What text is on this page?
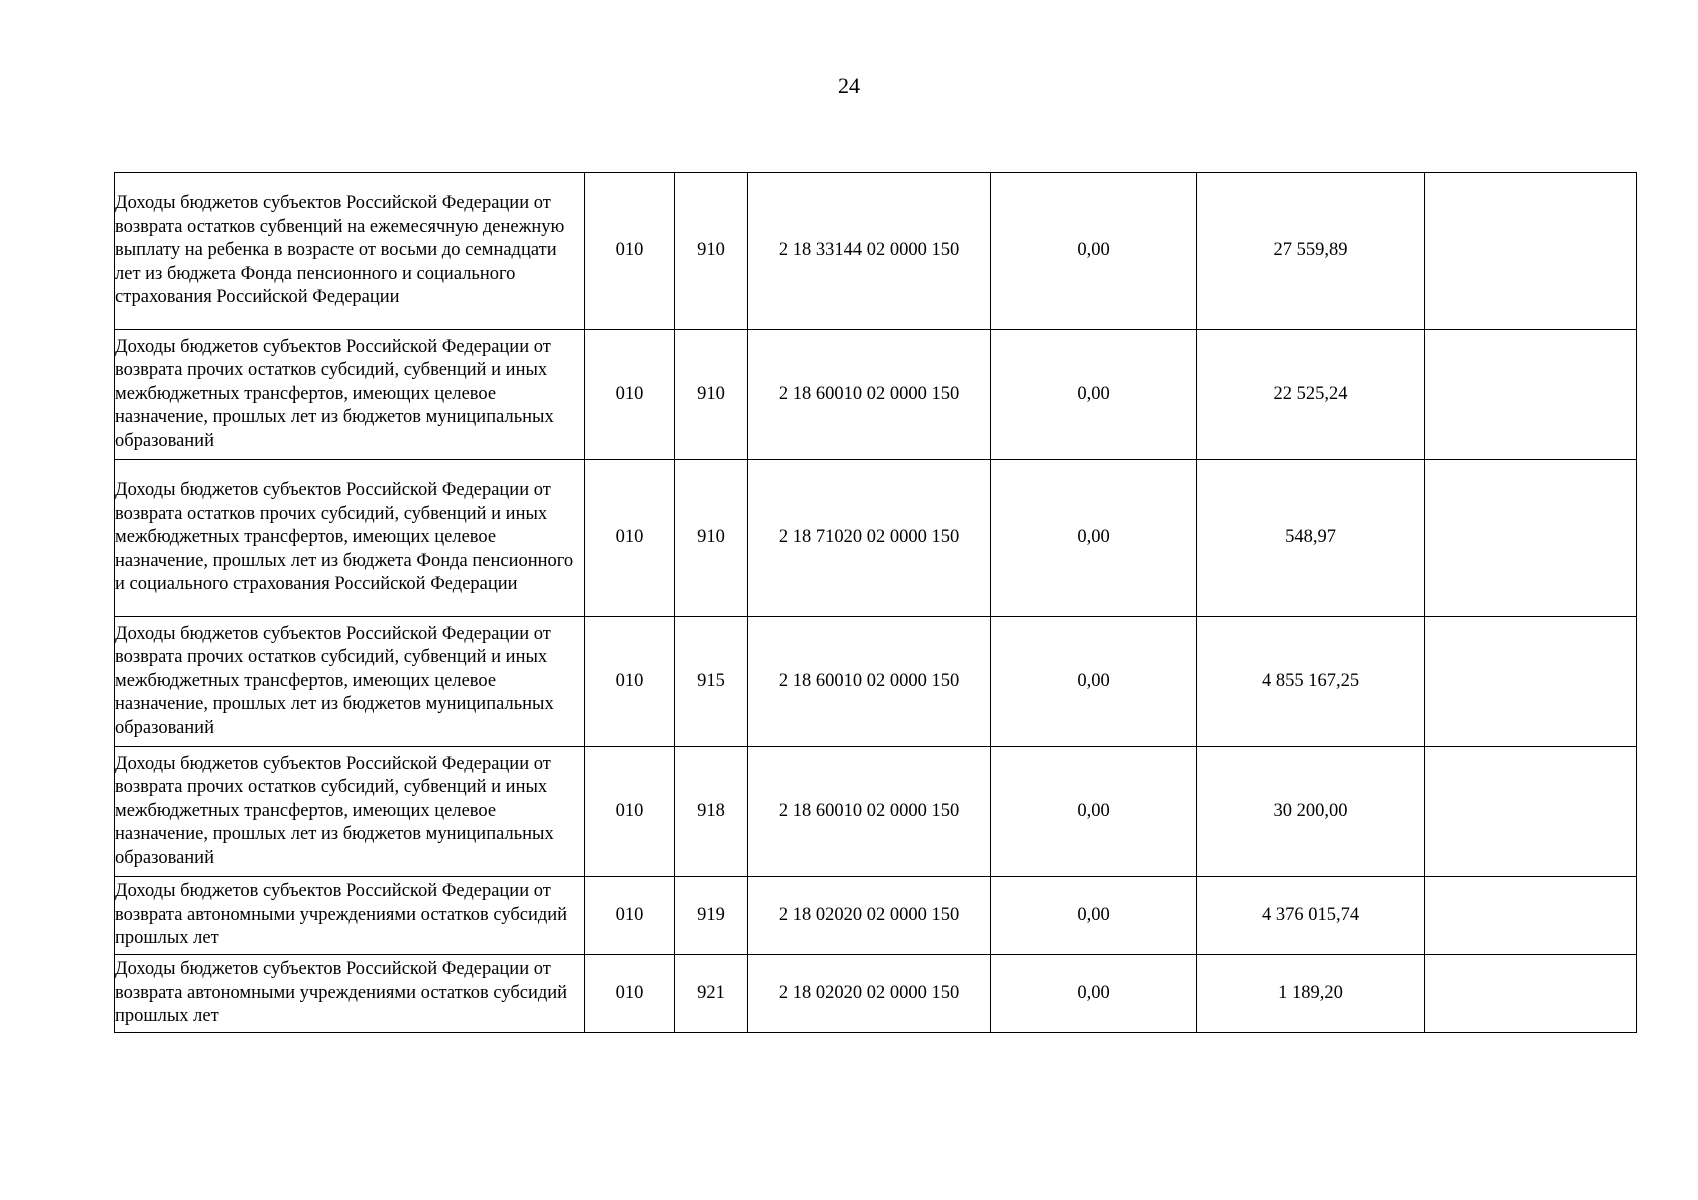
24
Доходы бюджетов субъектов Российской Федерации от возврата остатков субвенций на ежемесячную денежную выплату на ребенка в возрасте от восьми до семнадцати лет из бюджета Фонда пенсионного и социального страхования Российской Федерации	010	910	2 18 33144 02 0000 150	0,00	27 559,89	

Доходы бюджетов субъектов Российской Федерации от возврата прочих остатков субсидий, субвенций и иных межбюджетных трансфертов, имеющих целевое назначение, прошлых лет из бюджетов муниципальных образований	010	910	2 18 60010 02 0000 150	0,00	22 525,24	

Доходы бюджетов субъектов Российской Федерации от возврата остатков прочих субсидий, субвенций и иных межбюджетных трансфертов, имеющих целевое назначение, прошлых лет из бюджета Фонда пенсионного и социального страхования Российской Федерации	010	910	2 18 71020 02 0000 150	0,00	548,97	

Доходы бюджетов субъектов Российской Федерации от возврата прочих остатков субсидий, субвенций и иных межбюджетных трансфертов, имеющих целевое назначение, прошлых лет из бюджетов муниципальных образований	010	915	2 18 60010 02 0000 150	0,00	4 855 167,25	

Доходы бюджетов субъектов Российской Федерации от возврата прочих остатков субсидий, субвенций и иных межбюджетных трансфертов, имеющих целевое назначение, прошлых лет из бюджетов муниципальных образований	010	918	2 18 60010 02 0000 150	0,00	30 200,00	

Доходы бюджетов субъектов Российской Федерации от возврата автономными учреждениями остатков субсидий прошлых лет	010	919	2 18 02020 02 0000 150	0,00	4 376 015,74	

Доходы бюджетов субъектов Российской Федерации от возврата автономными учреждениями остатков субсидий прошлых лет	010	921	2 18 02020 02 0000 150	0,00	1 189,20	
